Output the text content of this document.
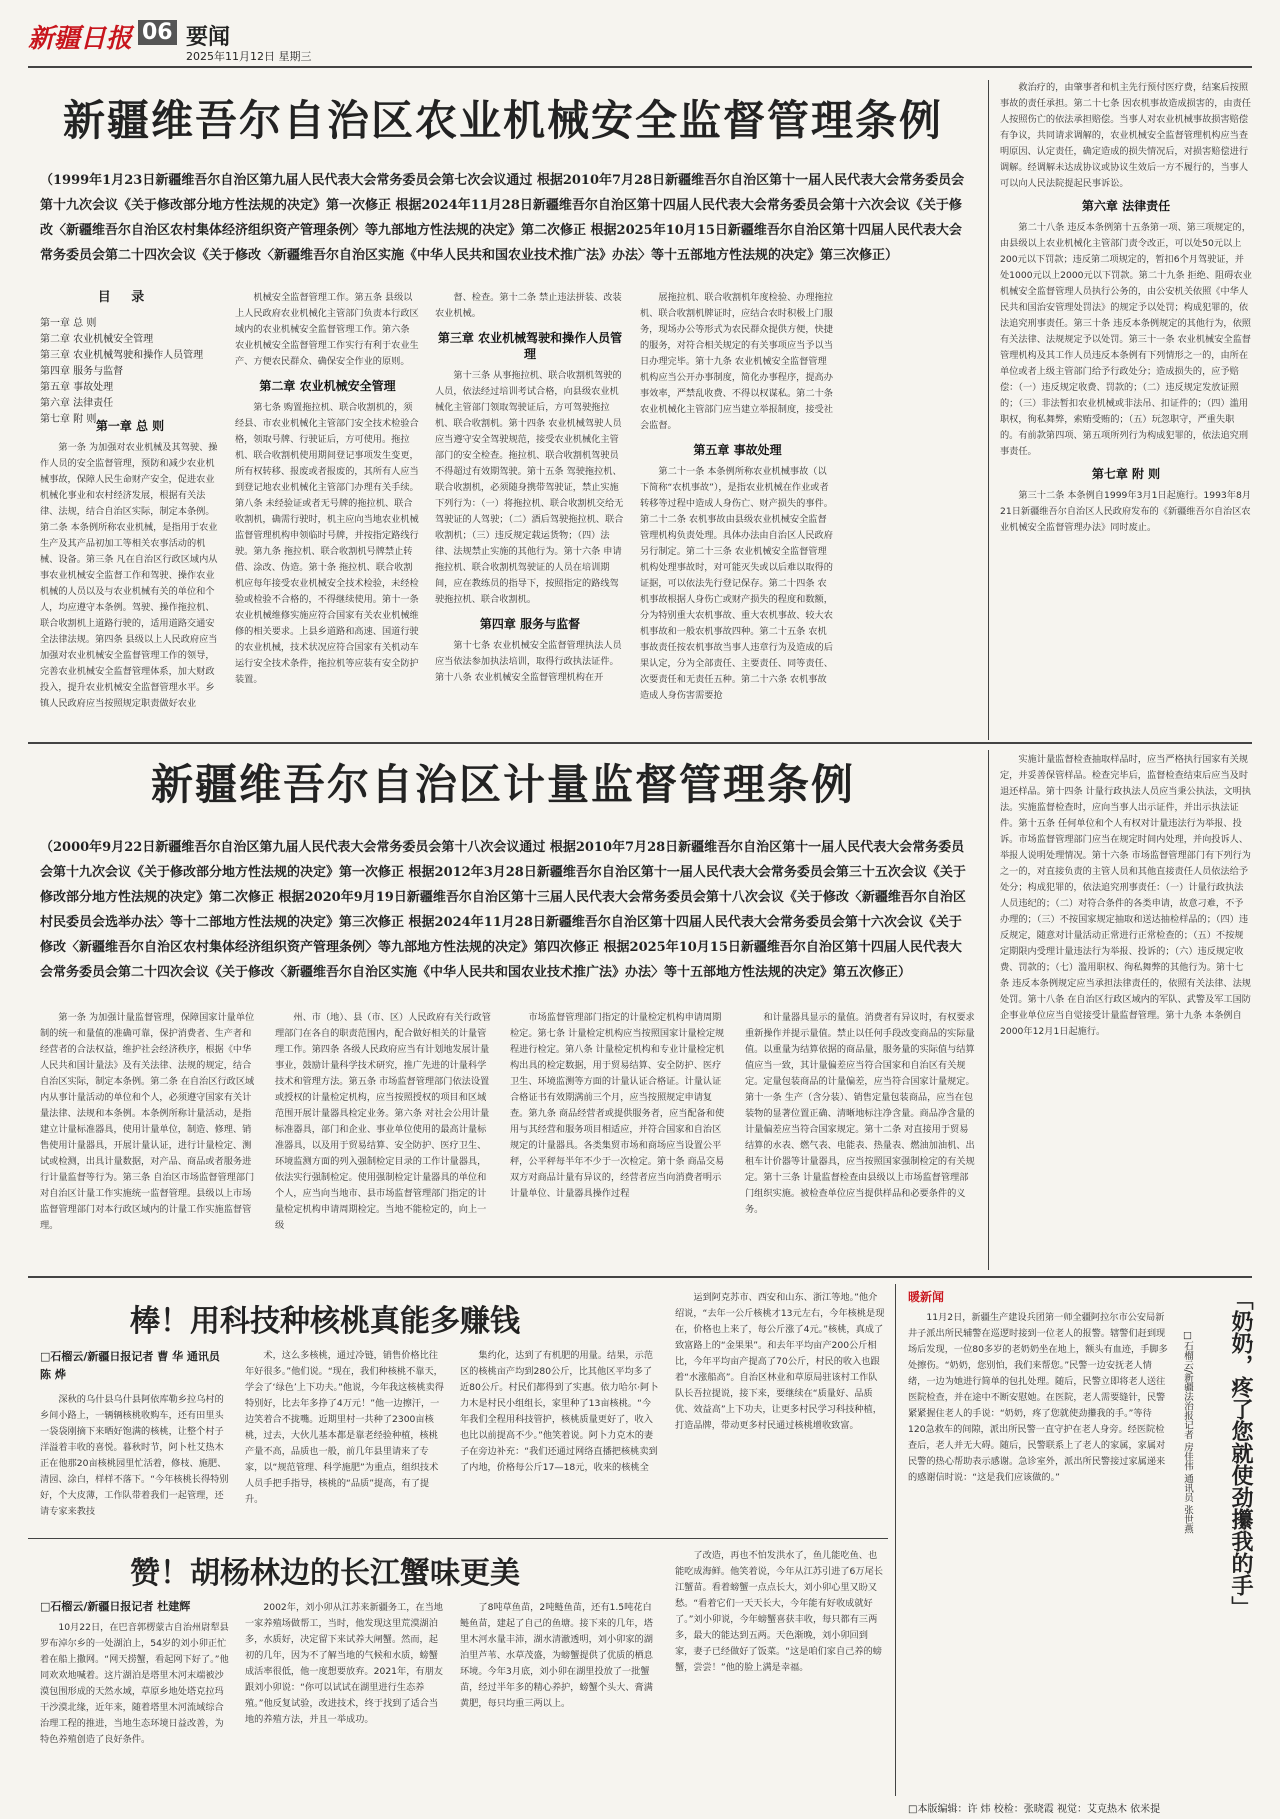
新疆日报 06 要闻
2025年11月12日 星期三
新疆维吾尔自治区农业机械安全监督管理条例
（1999年1月23日新疆维吾尔自治区第九届人民代表大会常务委员会第七次会议通过 根据2010年7月28日新疆维吾尔自治区第十一届人民代表大会常务委员会第十九次会议《关于修改部分地方性法规的决定》第一次修正 根据2024年11月28日新疆维吾尔自治区第十四届人民代表大会常务委员会第十六次会议《关于修改〈新疆维吾尔自治区农村集体经济组织资产管理条例〉等九部地方性法规的决定》第二次修正 根据2025年10月15日新疆维吾尔自治区第十四届人民代表大会常务委员会第二十四次会议《关于修改〈新疆维吾尔自治区实施《中华人民共和国农业技术推广法》办法〉等十五部地方性法规的决定》第三次修正）
目 录
第一章 总 则
第二章 农业机械安全管理
第三章 农业机械驾驶和操作人员管理
第四章 服务与监督
第五章 事故处理
第六章 法律责任
第七章 附 则 第一章 总 则

第一条 为加强对农业机械及其驾驶、操作人员的安全监督管理，预防和减少农业机械事故，保障人民生命财产安全，促进农业机械化事业和农村经济发展，根据有关法律、法规，结合自治区实际，制定本条例。第二条 本条例所称农业机械，是指用于农业生产及其产品初加工等相关农事活动的机械、设备。第三条 凡在自治区行政区域内从事农业机械安全监督工作和驾驶、操作农业机械的人员以及与农业机械有关的单位和个人，均应遵守本条例。驾驶、操作拖拉机、联合收割机上道路行驶的，适用道路交通安全法律法规。第四条 县级以上人民政府应当加强对农业机械安全监督管理工作的领导，完善农业机械安全监督管理体系，加大财政投入，提升农业机械安全监督管理水平。乡镇人民政府应当按照规定职责做好农业

机械安全监督管理工作。第五条 县级以上人民政府农业机械化主管部门负责本行政区域内的农业机械安全监督管理工作。第六条 农业机械安全监督管理工作实行有利于农业生产、方便农民群众、确保安全作业的原则。

第二章 农业机械安全管理

第七条 购置拖拉机、联合收割机的，须经县、市农业机械化主管部门安全技术检验合格，领取号牌、行驶证后，方可使用。拖拉机、联合收割机使用期间登记事项发生变更，所有权转移、报废或者报废的，其所有人应当到登记地农业机械化主管部门办理有关手续。第八条 未经验证或者无号牌的拖拉机、联合收割机，确需行驶时，机主应向当地农业机械监督管理机构申领临时号牌，并按指定路线行驶。第九条 拖拉机、联合收割机号牌禁止转借、涂改、伪造。第十条 拖拉机、联合收割机应每年接受农业机械安全技术检验，未经检验或检验不合格的，不得继续使用。第十一条 农业机械维修实施应符合国家有关农业机械维修的相关要求。上县乡道路和高速、国道行驶的农业机械，技术状况应符合国家有关机动车运行安全技术条件，拖拉机等应装有安全防护装置。

督、检查。第十二条 禁止违法拼装、改装农业机械。

第三章 农业机械驾驶和操作人员管理

第十三条 从事拖拉机、联合收割机驾驶的人员，依法经过培训考试合格，向县级农业机械化主管部门领取驾驶证后，方可驾驶拖拉机、联合收割机。第十四条 农业机械驾驶人员应当遵守安全驾驶规范，接受农业机械化主管部门的安全检查。拖拉机、联合收割机驾驶员不得超过有效期驾驶。第十五条 驾驶拖拉机、联合收割机，必须随身携带驾驶证，禁止实施下列行为：（一）将拖拉机、联合收割机交给无驾驶证的人驾驶；（二）酒后驾驶拖拉机、联合收割机；（三）违反规定载运货物；（四）法律、法规禁止实施的其他行为。第十六条 申请拖拉机、联合收割机驾驶证的人员在培训期间，应在教练员的指导下，按照指定的路线驾驶拖拉机、联合收割机。

第四章 服务与监督

第十七条 农业机械安全监督管理执法人员应当依法参加执法培训，取得行政执法证件。第十八条 农业机械安全监督管理机构在开

展拖拉机、联合收割机年度检验、办理拖拉机、联合收割机牌证时，应结合农时积极上门服务，现场办公等形式为农民群众提供方便，快捷的服务，对符合相关规定的有关事项应当予以当日办理完毕。第十九条 农业机械安全监督管理机构应当公开办事制度，简化办事程序，提高办事效率，严禁乱收费、不得以权谋私。第二十条 农业机械化主管部门应当建立举报制度，接受社会监督。

第五章 事故处理

第二十一条 本条例所称农业机械事故（以下简称“农机事故”），是指农业机械在作业或者转移等过程中造成人身伤亡、财产损失的事件。第二十二条 农机事故由县级农业机械安全监督管理机构负责处理。具体办法由自治区人民政府另行制定。第二十三条 农业机械安全监督管理机构处理事故时，对可能灭失或以后难以取得的证据，可以依法先行登记保存。第二十四条 农机事故根据人身伤亡或财产损失的程度和数额，分为特别重大农机事故、重大农机事故、较大农机事故和一般农机事故四种。第二十五条 农机事故责任按农机事故当事人违章行为及造成的后果认定，分为全部责任、主要责任、同等责任、次要责任和无责任五种。第二十六条 农机事故造成人身伤害需要抢

救治疗的，由肇事者和机主先行预付医疗费，结案后按照事故的责任承担。第二十七条 因农机事故造成损害的，由责任人按照伤亡的依法承担赔偿。当事人对农业机械事故损害赔偿有争议，共同请求调解的，农业机械安全监督管理机构应当查明原因、认定责任，确定造成的损失情况后，对损害赔偿进行调解。经调解未达成协议或协议生效后一方不履行的，当事人可以向人民法院提起民事诉讼。

第六章 法律责任

第二十八条 违反本条例第十五条第一项、第三项规定的，由县级以上农业机械化主管部门责令改正，可以处50元以上200元以下罚款；违反第二项规定的，暂扣6个月驾驶证，并处1000元以上2000元以下罚款。第二十九条 拒绝、阻碍农业机械安全监督管理人员执行公务的，由公安机关依照《中华人民共和国治安管理处罚法》的规定予以处罚；构成犯罪的，依法追究刑事责任。第三十条 违反本条例规定的其他行为，依照有关法律、法规规定予以处罚。第三十一条 农业机械安全监督管理机构及其工作人员违反本条例有下列情形之一的，由所在单位或者上级主管部门给予行政处分；造成损失的，应予赔偿：（一）违反规定收费、罚款的；（二）违反规定发放证照的；（三）非法暂扣农业机械或非法吊、扣证件的；（四）滥用职权，徇私舞弊，索贿受贿的；（五）玩忽职守，严重失职的。有前款第四项、第五项所列行为构成犯罪的，依法追究刑事责任。

第七章 附 则

第三十二条 本条例自1999年3月1日起施行。1993年8月21日新疆维吾尔自治区人民政府发布的《新疆维吾尔自治区农业机械安全监督管理办法》同时废止。

新疆维吾尔自治区计量监督管理条例
（2000年9月22日新疆维吾尔自治区第九届人民代表大会常务委员会第十八次会议通过 根据2010年7月28日新疆维吾尔自治区第十一届人民代表大会常务委员会第十九次会议《关于修改部分地方性法规的决定》第一次修正 根据2012年3月28日新疆维吾尔自治区第十一届人民代表大会常务委员会第三十五次会议《关于修改部分地方性法规的决定》第二次修正 根据2020年9月19日新疆维吾尔自治区第十三届人民代表大会常务委员会第十八次会议《关于修改〈新疆维吾尔自治区村民委员会选举办法〉等十二部地方性法规的决定》第三次修正 根据2024年11月28日新疆维吾尔自治区第十四届人民代表大会常务委员会第十六次会议《关于修改〈新疆维吾尔自治区农村集体经济组织资产管理条例〉等九部地方性法规的决定》第四次修正 根据2025年10月15日新疆维吾尔自治区第十四届人民代表大会常务委员会第二十四次会议《关于修改〈新疆维吾尔自治区实施《中华人民共和国农业技术推广法》办法〉等十五部地方性法规的决定》第五次修正）

第一条 为加强计量监督管理，保障国家计量单位制的统一和量值的准确可靠，保护消费者、生产者和经营者的合法权益，维护社会经济秩序，根据《中华人民共和国计量法》及有关法律、法规的规定，结合自治区实际，制定本条例。第二条 在自治区行政区域内从事计量活动的单位和个人，必须遵守国家有关计量法律、法规和本条例。本条例所称计量活动，是指建立计量标准器具，使用计量单位，制造、修理、销售使用计量器具，开展计量认证，进行计量检定、测试或检测，出具计量数据，对产品、商品或者服务进行计量监督等行为。第三条 自治区市场监督管理部门对自治区计量工作实施统一监督管理。县级以上市场监督管理部门对本行政区域内的计量工作实施监督管理。

州、市（地）、县（市、区）人民政府有关行政管理部门在各自的职责范围内，配合做好相关的计量管理工作。第四条 各级人民政府应当有计划地发展计量事业，鼓励计量科学技术研究，推广先进的计量科学技术和管理方法。第五条 市场监督管理部门依法设置或授权的计量检定机构，应当按照授权的项目和区域范围开展计量器具检定业务。第六条 对社会公用计量标准器具，部门和企业、事业单位使用的最高计量标准器具，以及用于贸易结算、安全防护、医疗卫生、环境监测方面的列入强制检定目录的工作计量器具，依法实行强制检定。使用强制检定计量器具的单位和个人，应当向当地市、县市场监督管理部门指定的计量检定机构申请周期检定。当地不能检定的，向上一级

市场监督管理部门指定的计量检定机构申请周期检定。第七条 计量检定机构应当按照国家计量检定规程进行检定。第八条 计量检定机构和专业计量检定机构出具的检定数据，用于贸易结算、安全防护、医疗卫生、环境监测等方面的计量认证合格证。计量认证合格证书有效期满前三个月，应当按照规定申请复查。第九条 商品经营者或提供服务者，应当配备和使用与其经营和服务项目相适应，并符合国家和自治区规定的计量器具。各类集贸市场和商场应当设置公平秤，公平秤每半年不少于一次检定。第十条 商品交易双方对商品计量有异议的，经营者应当向消费者明示计量单位、计量器具操作过程

和计量器具显示的量值。消费者有异议时，有权要求重新操作并提示量值。禁止以任何手段改变商品的实际量值。以重量为结算依据的商品量，服务量的实际值与结算值应当一致，其计量偏差应当符合国家和自治区有关规定。定量包装商品的计量偏差，应当符合国家计量规定。第十一条 生产（含分装）、销售定量包装商品，应当在包装物的显著位置正确、清晰地标注净含量。商品净含量的计量偏差应当符合国家规定。第十二条 对直接用于贸易结算的水表、燃气表、电能表、热量表、燃油加油机、出租车计价器等计量器具，应当按照国家强制检定的有关规定。第十三条 计量监督检查由县级以上市场监督管理部门组织实施。被检查单位应当提供样品和必要条件的义务。

实施计量监督检查抽取样品时，应当严格执行国家有关规定，并妥善保管样品。检查完毕后，监督检查结束后应当及时退还样品。第十四条 计量行政执法人员应当秉公执法，文明执法。实施监督检查时，应向当事人出示证件，并出示执法证件。第十五条 任何单位和个人有权对计量违法行为举报、投诉。市场监督管理部门应当在规定时间内处理，并向投诉人、举报人说明处理情况。第十六条 市场监督管理部门有下列行为之一的，对直接负责的主管人员和其他直接责任人员依法给予处分；构成犯罪的，依法追究刑事责任：（一）计量行政执法人员违纪的；（二）对符合条件的各类申请，故意刁难，不予办理的；（三）不按国家规定抽取和送达抽检样品的；（四）违反规定，随意对计量活动正常进行正常检查的；（五）不按规定期限内受理计量违法行为举报、投诉的；（六）违反规定收费、罚款的；（七）滥用职权、徇私舞弊的其他行为。第十七条 违反本条例规定应当承担法律责任的，依照有关法律、法规处罚。第十八条 在自治区行政区域内的军队、武警及军工国防企事业单位应当自觉接受计量监督管理。第十九条 本条例自2000年12月1日起施行。

棒！用科技种核桃真能多赚钱
□石榴云/新疆日报记者 曹 华 通讯员 陈 烨

深秋的乌什县乌什县阿依库勒乡拉乌村的乡间小路上，一辆辆核桃收购车，还有田里头一袋袋刚摘下来晒好饱满的核桃，让整个村子洋溢着丰收的喜悦。暮秋时节，阿卜杜艾热木正在他那20亩核桃园里忙活着，修枝、施肥、清园、涂白，样样不落下。“今年核桃长得特别好，个大皮薄，工作队带着我们一起管理，还请专家来教技

术，这么多核桃，通过冷链，销售价格比往年好很多。”他们说。“现在，我们种核桃不靠天，学会了‘绿色’上下功夫。”他说，今年我这核桃卖得特别好，比去年多挣了4万元！”他一边擦汗，一边笑着合不拢嘴。近期里村一共种了2300亩核桃，过去，大伙儿基本都是靠老经验种植，核桃产量不高，品质也一般，前几年县里请来了专家，以“规范管理、科学施肥”为重点，组织技术人员手把手指导，核桃的“品质”提高，有了提升。

集约化，达到了有机肥的用量。结果，示范区的核桃亩产均到280公斤，比其他区平均多了近80公斤。村民们都得到了实惠。依力哈尔·阿卜力木是村民小组组长，家里种了13亩核桃。“今年我们全程用科技管护，核桃质量更好了，收入也比以前提高不少。”他笑着说。阿卜力克木的妻子在旁边补充：“我们还通过网络直播把核桃卖到了内地，价格每公斤17—18元，收来的核桃全

运到阿克苏市、西安和山东、浙江等地。”他介绍说，“去年一公斤核桃才13元左右，今年核桃是现在，价格也上来了，每公斤涨了4元。”核桃，真成了致富路上的“金果果”。和去年平均亩产200公斤相比，今年平均亩产提高了70公斤，村民的收入也跟着“水涨船高”。自治区林业和草原局驻该村工作队队长吾拉提说，接下来，要继续在“质量好、品质优、效益高”上下功夫，让更多村民学习科技种植，打造品牌，带动更多村民通过核桃增收致富。

赞！胡杨林边的长江蟹味更美
□石榴云/新疆日报记者 杜建辉

10月22日，在巴音郭楞蒙古自治州尉犁县罗布淖尔乡的一处湖泊上，54岁的刘小卯正忙着在船上撒网。“网天捞蟹，看起网下好了。”他同欢欢地喊着。这片湖泊是塔里木河末端被沙漠包围形成的天然水域，草原乡地处塔克拉玛干沙漠北缘，近年来，随着塔里木河流域综合治理工程的推进，当地生态环境日益改善，为特色养殖创造了良好条件。

2002年，刘小卯从江苏来新疆务工，在当地一家养殖场做帮工，当时，他发现这里荒漠湖泊多，水质好，决定留下来试养大闸蟹。然而，起初的几年，因为不了解当地的气候和水质，螃蟹成活率很低，他一度想要放弃。2021年，有朋友跟刘小卯说：“你可以试试在湖里进行生态养殖。”他反复试验，改进技术，终于找到了适合当地的养殖方法，并且一举成功。

了8吨草鱼苗，2吨鲢鱼苗，还有1.5吨花白鲢鱼苗，建起了自己的鱼塘。接下来的几年，塔里木河水量丰沛，湖水清澈透明，刘小卯家的湖泊里芦苇、水草茂盛，为螃蟹提供了优质的栖息环境。今年3月底，刘小卯在湖里投放了一批蟹苗，经过半年多的精心养护，螃蟹个头大、膏满黄肥，每只均重三两以上。

了改造，再也不怕发洪水了，鱼儿能吃鱼、也能吃成海鲜。他笑着说，今年从江苏引进了6万尾长江蟹苗。看着螃蟹一点点长大，刘小卯心里又盼又愁。“看着它们一天天长大，今年能有好收成就好了。”刘小卯说，今年螃蟹喜获丰收，每只都有三两多，最大的能达到五两。天色渐晚，刘小卯回到家，妻子已经做好了饭菜。“这是咱们家自己养的螃蟹，尝尝！”他的脸上满是幸福。

暖新闻

11月2日，新疆生产建设兵团第一师全疆阿拉尔市公安局新井子派出所民辅警在巡逻时接到一位老人的报警。辖警们赶到现场后发现，一位80多岁的老奶奶坐在地上，额头有血迹，手脚多处擦伤。“奶奶，您别怕，我们来帮您。”民警一边安抚老人情绪，一边为她进行简单的包扎处理。随后，民警立即将老人送往医院检查，并在途中不断安慰她。在医院，老人需要缝针，民警紧紧握住老人的手说：“奶奶，疼了您就使劲攥我的手。”等待120急救车的间隙，派出所民警一直守护在老人身旁。经医院检查后，老人并无大碍。随后，民警联系上了老人的家属，家属对民警的热心帮助表示感谢。急诊室外，派出所民警接过家属递来的感谢信时说：“这是我们应该做的。”	「奶奶，疼了您就使劲攥我的手」
□石榴云/新疆法治报记者 房佳伟 通讯员 张世燕
□本版编辑：许 炜 校检：张晓霞 视觉：艾克热木 依米提
